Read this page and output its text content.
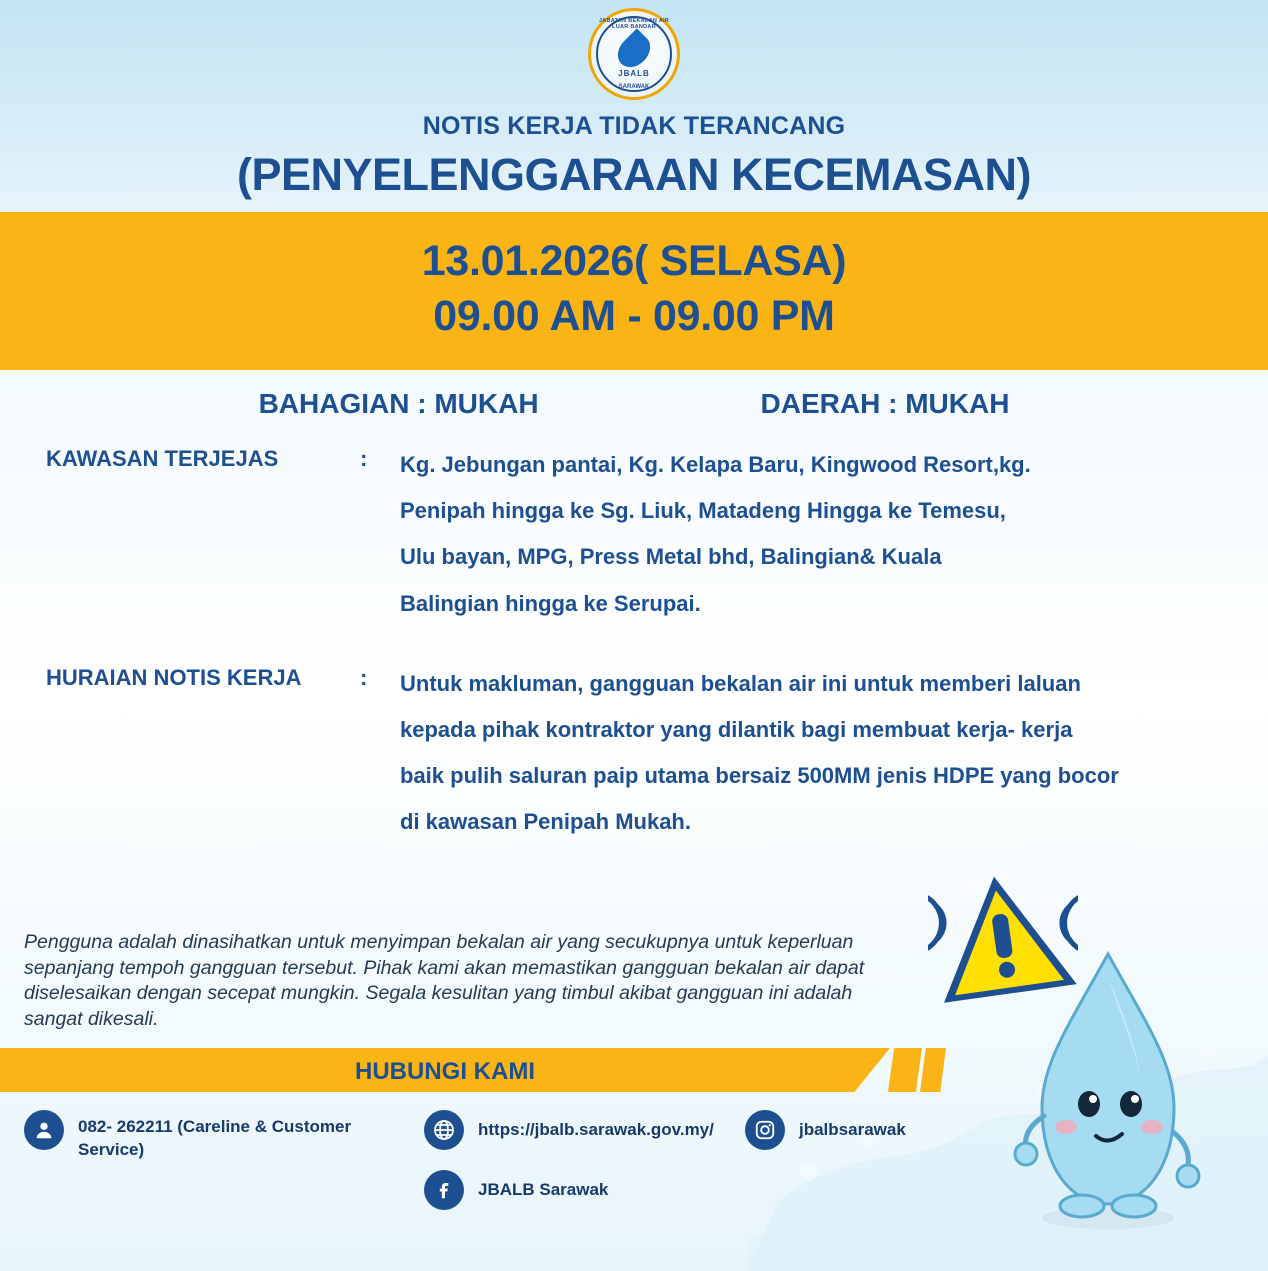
JABATAN BEKALAN AIR LUAR BANDAR
JBALB
SARAWAK
NOTIS KERJA TIDAK TERANCANG
(PENYELENGGARAAN KECEMASAN)
13.01.2026( SELASA)
09.00 AM - 09.00 PM
BAHAGIAN : MUKAH	DAERAH : MUKAH
KAWASAN TERJEJAS	:	Kg. Jebungan pantai, Kg. Kelapa Baru, Kingwood Resort,kg.

Penipah hingga ke Sg. Liuk, Matadeng Hingga ke Temesu,

Ulu bayan, MPG, Press Metal bhd, Balingian& Kuala

Balingian hingga ke Serupai.

HURAIAN NOTIS KERJA	:	Untuk makluman, gangguan bekalan air ini untuk memberi laluan

kepada pihak kontraktor yang dilantik bagi membuat kerja- kerja

baik pulih saluran paip utama bersaiz 500MM jenis HDPE yang bocor

di kawasan Penipah Mukah.

Pengguna adalah dinasihatkan untuk menyimpan bekalan air yang secukupnya untuk keperluan sepanjang tempoh gangguan tersebut. Pihak kami akan memastikan gangguan bekalan air dapat diselesaikan dengan secepat mungkin. Segala kesulitan yang timbul akibat gangguan ini adalah sangat dikesali.
HUBUNGI KAMI
082- 262211 (Careline & Customer Service)
https://jbalb.sarawak.gov.my/	jbalbsarawak
JBALB Sarawak
